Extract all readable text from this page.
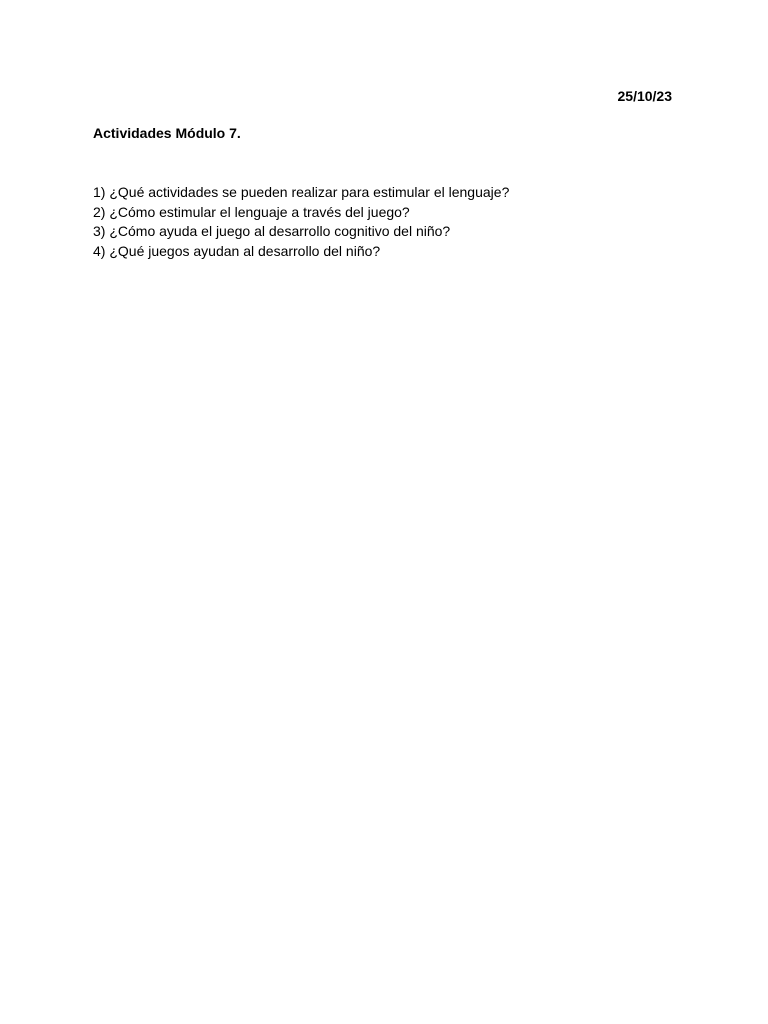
25/10/23
Actividades Módulo 7.
1) ¿Qué actividades se pueden realizar para estimular el lenguaje?
2) ¿Cómo estimular el lenguaje a través del juego?
3) ¿Cómo ayuda el juego al desarrollo cognitivo del niño?
4) ¿Qué juegos ayudan al desarrollo del niño?
